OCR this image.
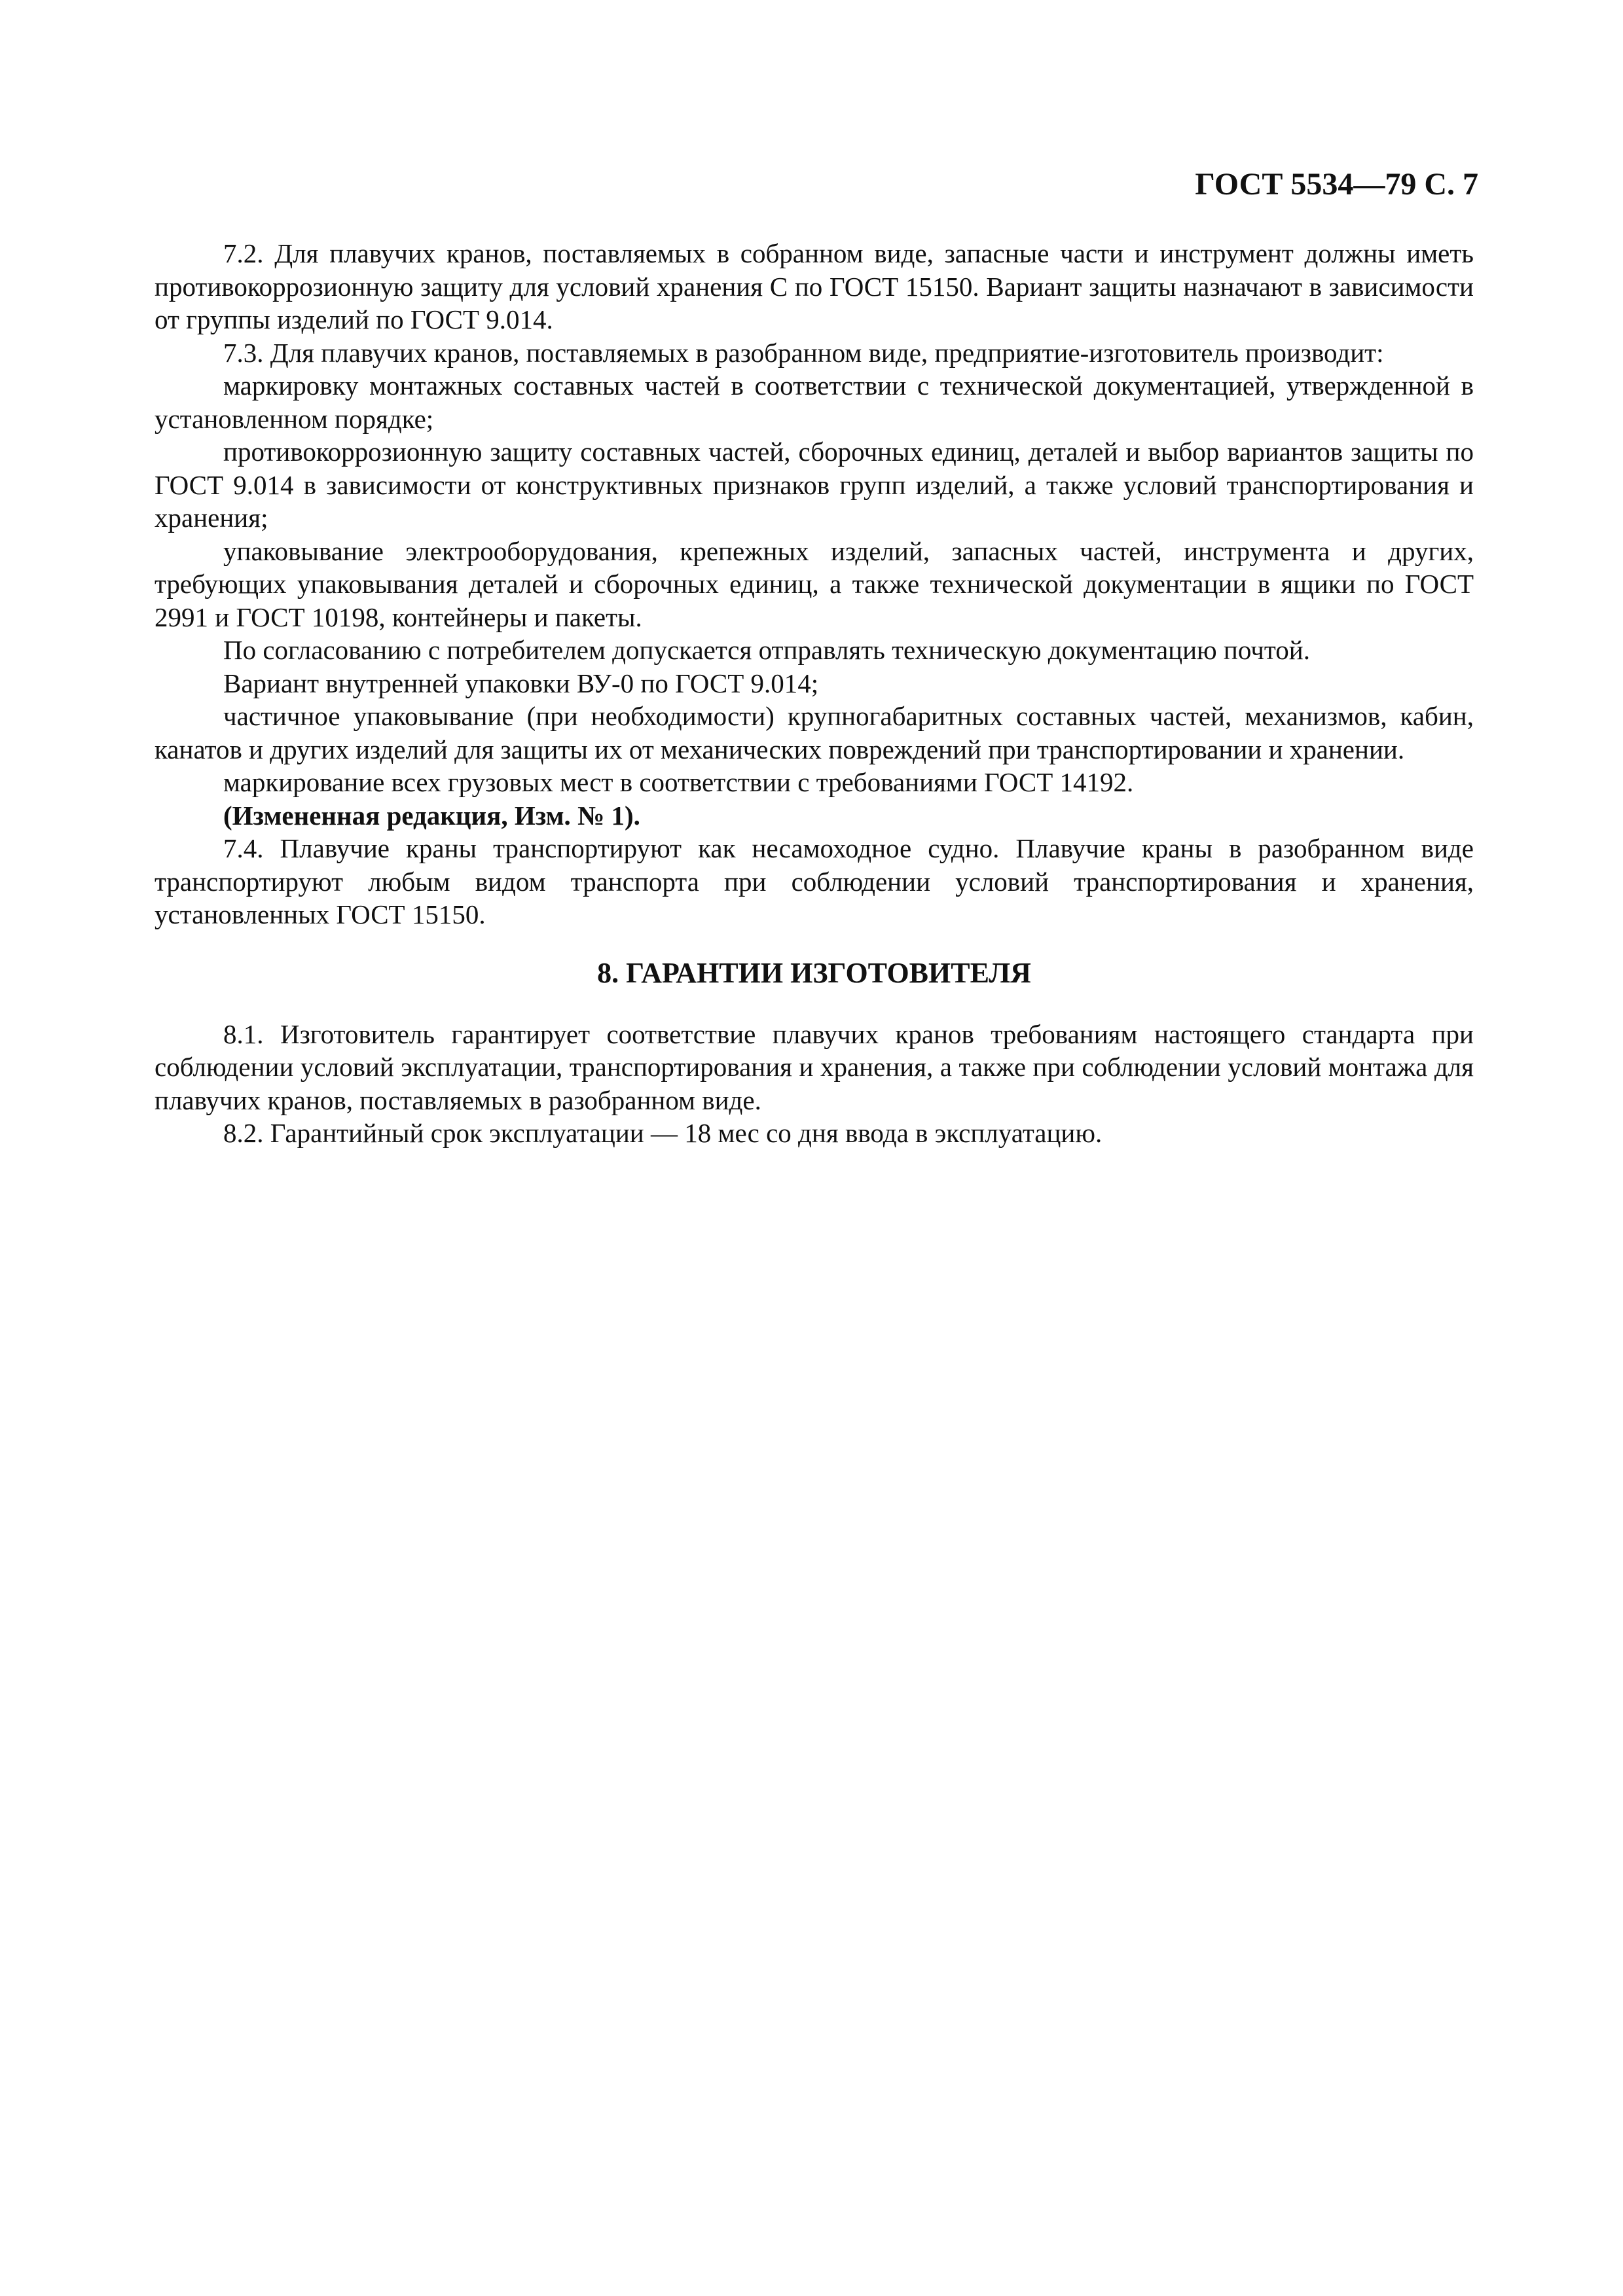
ГОСТ 5534—79 С. 7

7.2. Для плавучих кранов, поставляемых в собранном виде, запасные части и инструмент должны иметь противокоррозионную защиту для условий хранения С по ГОСТ 15150. Вариант защиты назначают в зависимости от группы изделий по ГОСТ 9.014.

7.3. Для плавучих кранов, поставляемых в разобранном виде, предприятие-изготовитель производит:

маркировку монтажных составных частей в соответствии с технической документацией, утвержденной в установленном порядке;

противокоррозионную защиту составных частей, сборочных единиц, деталей и выбор вариантов защиты по ГОСТ 9.014 в зависимости от конструктивных признаков групп изделий, а также условий транспортирования и хранения;

упаковывание электрооборудования, крепежных изделий, запасных частей, инструмента и других, требующих упаковывания деталей и сборочных единиц, а также технической документации в ящики по ГОСТ 2991 и ГОСТ 10198, контейнеры и пакеты.

По согласованию с потребителем допускается отправлять техническую документацию почтой.

Вариант внутренней упаковки ВУ-0 по ГОСТ 9.014;

частичное упаковывание (при необходимости) крупногабаритных составных частей, механизмов, кабин, канатов и других изделий для защиты их от механических повреждений при транспортировании и хранении.

маркирование всех грузовых мест в соответствии с требованиями ГОСТ 14192.

(Измененная редакция, Изм. № 1).

7.4. Плавучие краны транспортируют как несамоходное судно. Плавучие краны в разобранном виде транспортируют любым видом транспорта при соблюдении условий транспортирования и хранения, установленных ГОСТ 15150.

8. ГАРАНТИИ ИЗГОТОВИТЕЛЯ

8.1. Изготовитель гарантирует соответствие плавучих кранов требованиям настоящего стандарта при соблюдении условий эксплуатации, транспортирования и хранения, а также при соблюдении условий монтажа для плавучих кранов, поставляемых в разобранном виде.

8.2. Гарантийный срок эксплуатации — 18 мес со дня ввода в эксплуатацию.
